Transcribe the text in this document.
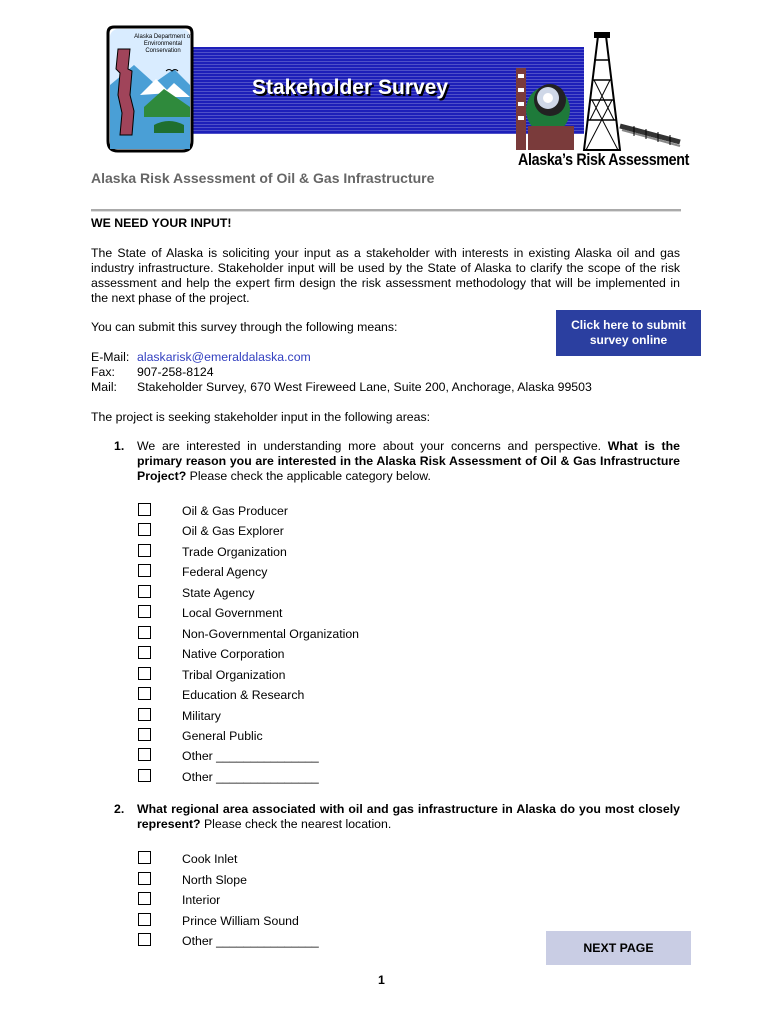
Stakeholder Survey
Alaska Department of Environmental Conservation
Alaska’s Risk Assessment
Alaska Risk Assessment of Oil & Gas Infrastructure
WE NEED YOUR INPUT!
The State of Alaska is soliciting your input as a stakeholder with interests in existing Alaska oil and gas industry infrastructure. Stakeholder input will be used by the State of Alaska to clarify the scope of the risk assessment and help the expert firm design the risk assessment methodology that will be implemented in the next phase of the project.
You can submit this survey through the following means:	Click here to submit survey online
E-Mail: alaskarisk@emeraldalaska.com
Fax: 907-258-8124
Mail: Stakeholder Survey, 670 West Fireweed Lane, Suite 200, Anchorage, Alaska 99503
The project is seeking stakeholder input in the following areas:
1. We are interested in understanding more about your concerns and perspective. What is the primary reason you are interested in the Alaska Risk Assessment of Oil & Gas Infrastructure Project? Please check the applicable category below.
Oil & Gas Producer
Oil & Gas Explorer
Trade Organization
Federal Agency
State Agency
Local Government
Non-Governmental Organization
Native Corporation
Tribal Organization
Education & Research
Military
General Public
Other _______________
Other _______________
2. What regional area associated with oil and gas infrastructure in Alaska do you most closely represent? Please check the nearest location.
Cook Inlet
North Slope
Interior
Prince William Sound
Other _______________	NEXT PAGE
1
